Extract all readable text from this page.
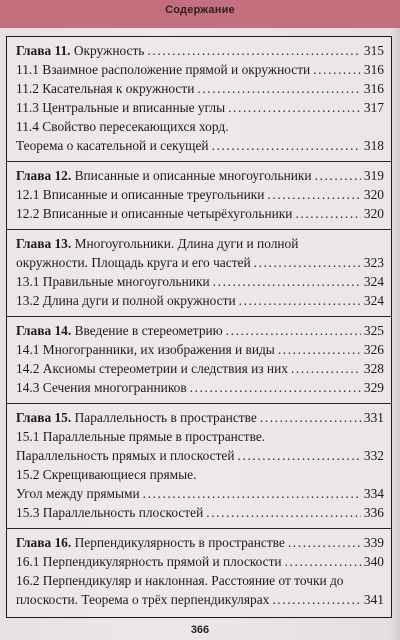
Содержание
Глава 11. Окружность .....	315
11.1 Взаимное расположение прямой и окружности .....	316
11.2 Касательная к окружности .....	316
11.3 Центральные и вписанные углы .....	317
11.4 Свойство пересекающихся хорд.
Теорема о касательной и секущей .....	318
Глава 12. Вписанные и описанные многоугольники .....	319
12.1 Вписанные и описанные треугольники .....	320
12.2 Вписанные и описанные четырёхугольники .....	320
Глава 13. Многоугольники. Длина дуги и полной
окружности. Площадь круга и его частей .....	323
13.1 Правильные многоугольники .....	324
13.2 Длина дуги и полной окружности .....	324
Глава 14. Введение в стереометрию .....	325
14.1 Многогранники, их изображения и виды .....	326
14.2 Аксиомы стереометрии и следствия из них .....	328
14.3 Сечения многогранников .....	329
Глава 15. Параллельность в пространстве .....	331
15.1 Параллельные прямые в пространстве.
Параллельность прямых и плоскостей .....	332
15.2 Скрещивающиеся прямые.
Угол между прямыми .....	334
15.3 Параллельность плоскостей .....	336
Глава 16. Перпендикулярность в пространстве .....	339
16.1 Перпендикулярность прямой и плоскости .....	340
16.2 Перпендикуляр и наклонная. Расстояние от точки до
плоскости. Теорема о трёх перпендикулярах .....	341
366
